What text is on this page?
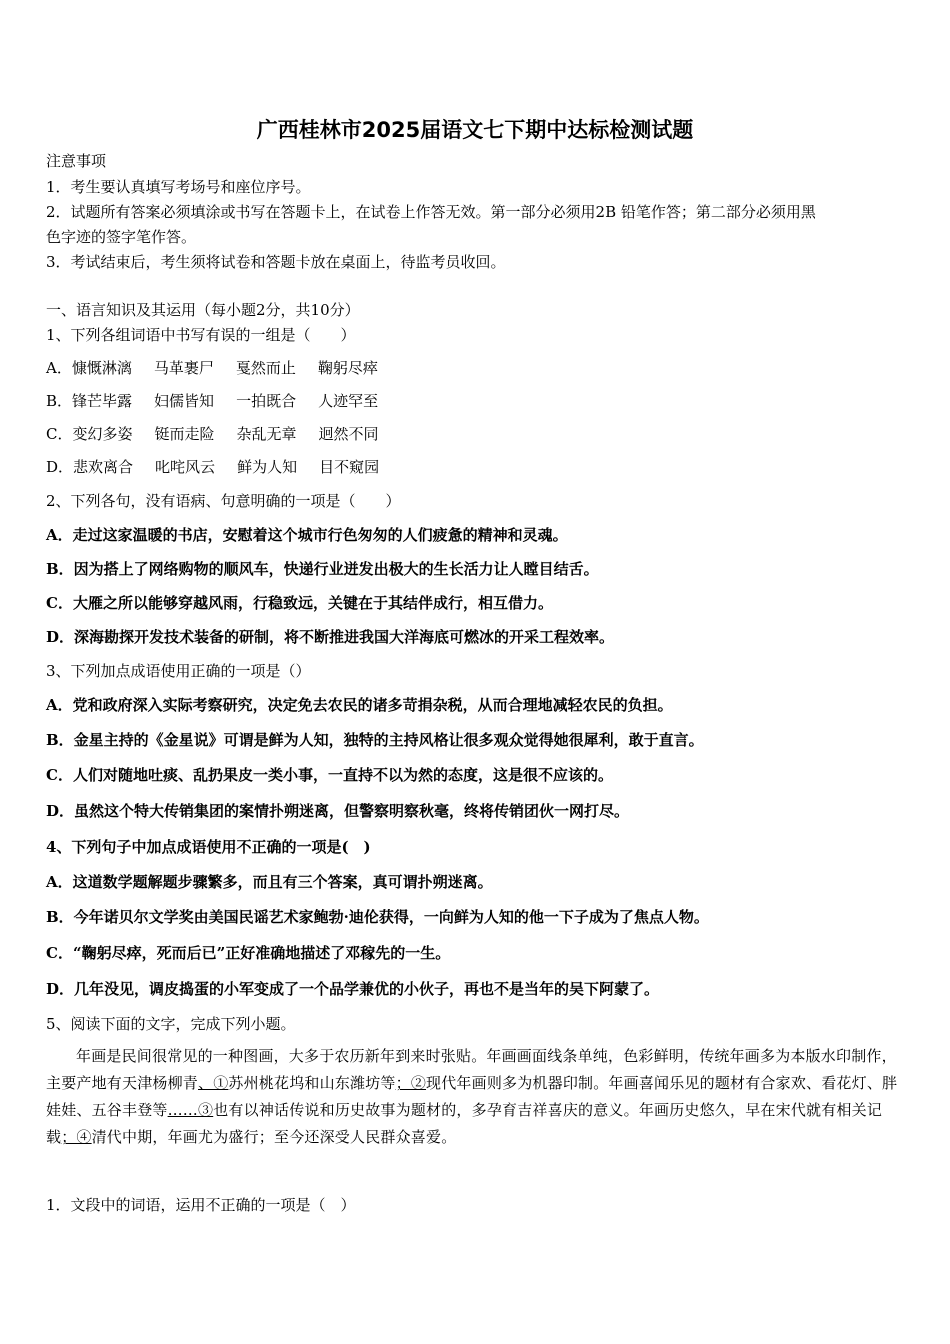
广西桂林市2025届语文七下期中达标检测试题
注意事项
1．考生要认真填写考场号和座位序号。
2．试题所有答案必须填涂或书写在答题卡上，在试卷上作答无效。第一部分必须用2B 铅笔作答；第二部分必须用黑
色字迹的签字笔作答。
3．考试结束后，考生须将试卷和答题卡放在桌面上，待监考员收回。
一、语言知识及其运用（每小题2分，共10分）
1、下列各组词语中书写有误的一组是（　　）
A．慷慨淋漓 马革裹尸 戛然而止 鞠躬尽瘁
B．锋芒毕露 妇儒皆知 一拍既合 人迹罕至
C．变幻多姿 铤而走险 杂乱无章 迥然不同
D．悲欢离合 叱咤风云 鲜为人知 目不窥园
2、下列各句，没有语病、句意明确的一项是（　　）
A．走过这家温暖的书店，安慰着这个城市行色匆匆的人们疲惫的精神和灵魂。
B．因为搭上了网络购物的顺风车，快递行业迸发出极大的生长活力让人瞠目结舌。
C．大雁之所以能够穿越风雨，行稳致远，关键在于其结伴成行，相互借力。
D．深海勘探开发技术装备的研制，将不断推进我国大洋海底可燃冰的开采工程效率。
3、下列加点成语使用正确的一项是（）
A．党和政府深入实际考察研究，决定免去农民的诸多苛捐杂税，从而合理地减轻农民的负担。
B．金星主持的《金星说》可谓是鲜为人知，独特的主持风格让很多观众觉得她很犀利，敢于直言。
C．人们对随地吐痰、乱扔果皮一类小事，一直持不以为然的态度，这是很不应该的。
D．虽然这个特大传销集团的案情扑朔迷离，但警察明察秋毫，终将传销团伙一网打尽。
4、下列句子中加点成语使用不正确的一项是(　)
A．这道数学题解题步骤繁多，而且有三个答案，真可谓扑朔迷离。
B．今年诺贝尔文学奖由美国民谣艺术家鲍勃·迪伦获得，一向鲜为人知的他一下子成为了焦点人物。
C．“鞠躬尽瘁，死而后已”正好准确地描述了邓稼先的一生。
D．几年没见，调皮捣蛋的小军变成了一个品学兼优的小伙子，再也不是当年的吴下阿蒙了。
5、阅读下面的文字，完成下列小题。

年画是民间很常见的一种图画，大多于农历新年到来时张贴。年画画面线条单纯，色彩鲜明，传统年画多为本版水印制作，主要产地有天津杨柳青、①苏州桃花坞和山东潍坊等；②现代年画则多为机器印制。年画喜闻乐见的题材有合家欢、看花灯、胖娃娃、五谷丰登等……③也有以神话传说和历史故事为题材的，多孕育吉祥喜庆的意义。年画历史悠久，早在宋代就有相关记载；④清代中期，年画尤为盛行；至今还深受人民群众喜爱。

1．文段中的词语，运用不正确的一项是（　）
